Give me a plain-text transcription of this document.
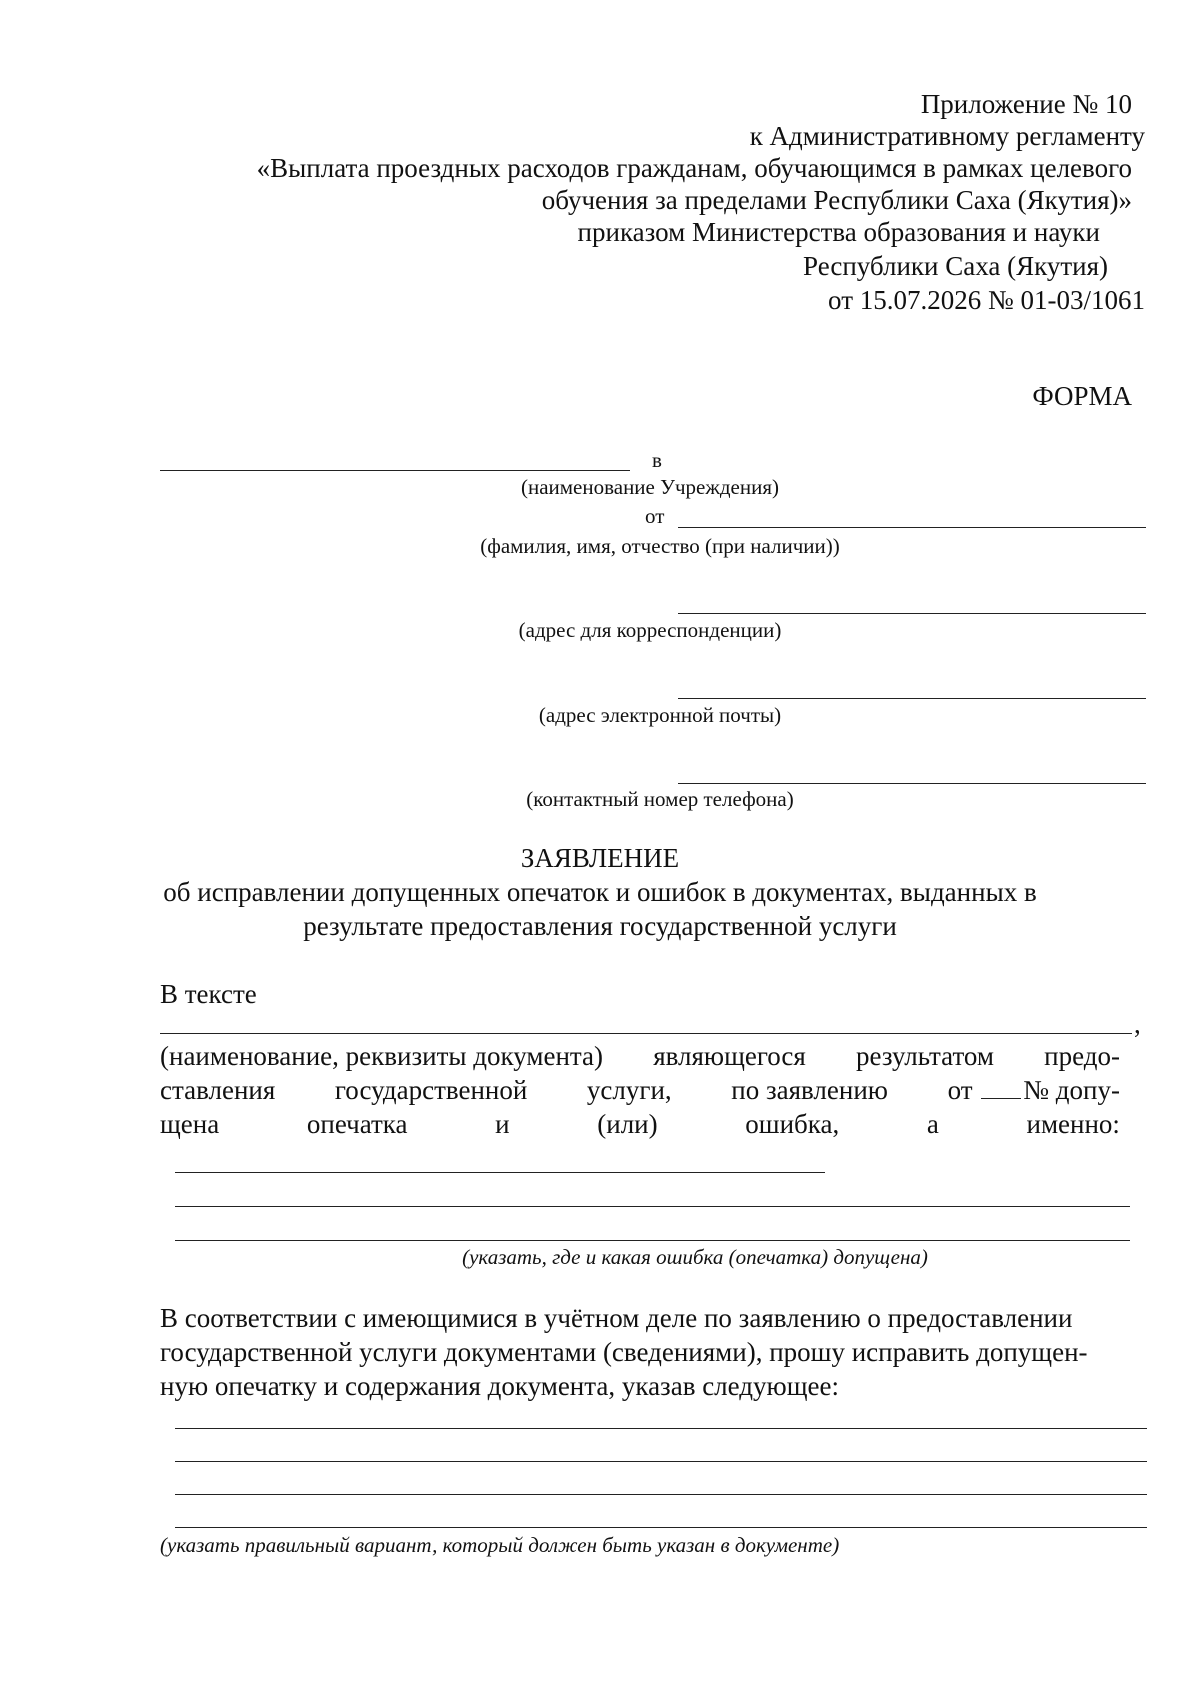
Приложение № 10
к Административному регламенту
«Выплата проездных расходов гражданам, обучающимся в рамках целевого
обучения за пределами Республики Саха (Якутия)»
приказом Министерства образования и науки
Республики Саха (Якутия)
от 15.07.2026 № 01-03/1061
ФОРМА
в
(наименование Учреждения)
от
(фамилия, имя, отчество (при наличии))
(адрес для корреспонденции)
(адрес электронной почты)
(контактный номер телефона)
ЗАЯВЛЕНИЕ
об исправлении допущенных опечаток и ошибок в документах, выданных в
результате предоставления государственной услуги
В тексте
,
(наименование, реквизиты документа) являющегося результатом предо-
ставления государственной услуги, по заявлению от № допу-
щена	опечатка	и	(или)	ошибка,	а	именно:
(указать, где и какая ошибка (опечатка) допущена)
В соответствии с имеющимися в учётном деле по заявлению о предоставлении
государственной услуги документами (сведениями), прошу исправить допущен-
ную опечатку и содержания документа, указав следующее:
(указать правильный вариант, который должен быть указан в документе)
